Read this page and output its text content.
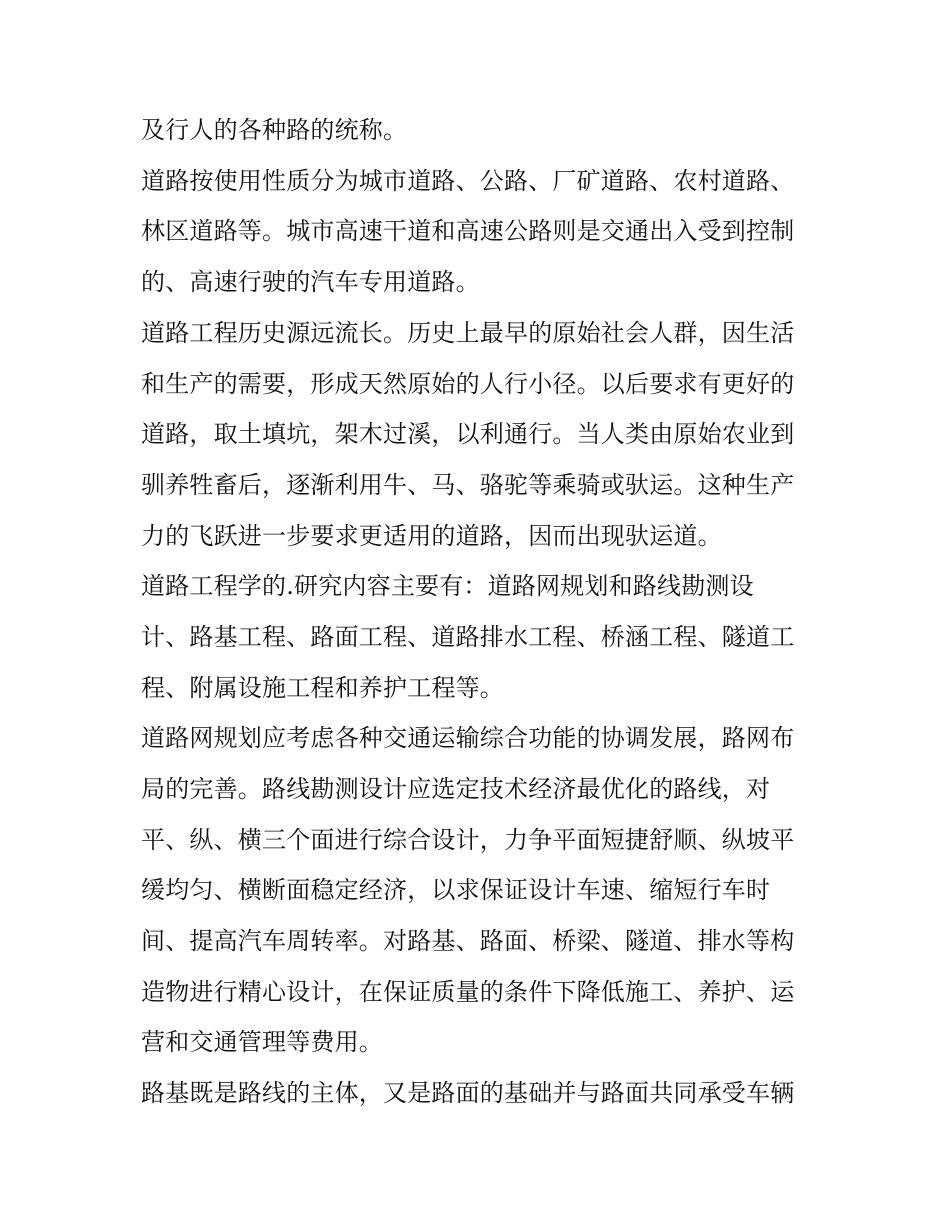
及行人的各种路的统称。
道路按使用性质分为城市道路、公路、厂矿道路、农村道路、
林区道路等。城市高速干道和高速公路则是交通出入受到控制
的、高速行驶的汽车专用道路。
道路工程历史源远流长。历史上最早的原始社会人群，因生活
和生产的需要，形成天然原始的人行小径。以后要求有更好的
道路，取土填坑，架木过溪，以利通行。当人类由原始农业到
驯养牲畜后，逐渐利用牛、马、骆驼等乘骑或驮运。这种生产
力的飞跃进一步要求更适用的道路，因而出现驮运道。
道路工程学的.研究内容主要有：道路网规划和路线勘测设
计、路基工程、路面工程、道路排水工程、桥涵工程、隧道工
程、附属设施工程和养护工程等。
道路网规划应考虑各种交通运输综合功能的协调发展，路网布
局的完善。路线勘测设计应选定技术经济最优化的路线，对
平、纵、横三个面进行综合设计，力争平面短捷舒顺、纵坡平
缓均匀、横断面稳定经济，以求保证设计车速、缩短行车时
间、提高汽车周转率。对路基、路面、桥梁、隧道、排水等构
造物进行精心设计，在保证质量的条件下降低施工、养护、运
营和交通管理等费用。
路基既是路线的主体，又是路面的基础并与路面共同承受车辆
